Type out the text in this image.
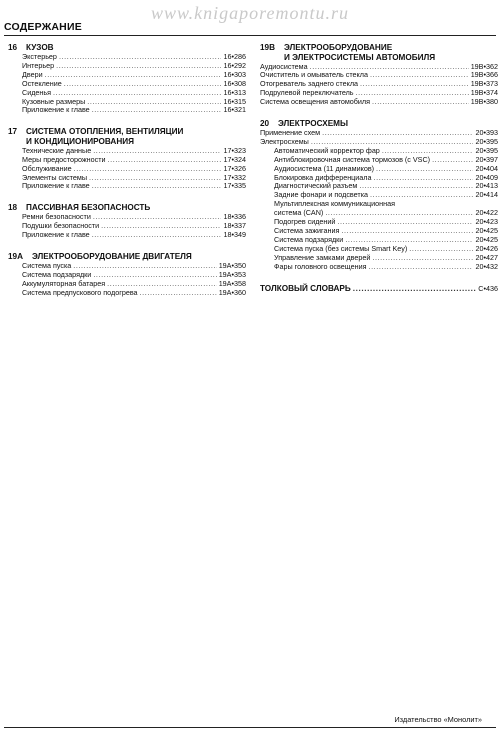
www.knigaporemontu.ru
СОДЕРЖАНИЕ
16	КУЗОВ
Экстерьер .....	16•286
Интерьер .....	16•292
Двери .....	16•303
Остекление .....	16•308
Сиденья .....	16•313
Кузовные размеры .....	16•315
Приложение к главе .....	16•321
17	СИСТЕМА ОТОПЛЕНИЯ, ВЕНТИЛЯЦИИ
И КОНДИЦИОНИРОВАНИЯ
Технические данные .....	17•323
Меры предосторожности .....	17•324
Обслуживание .....	17•326
Элементы системы .....	17•332
Приложение к главе .....	17•335
18	ПАССИВНАЯ БЕЗОПАСНОСТЬ
Ремни безопасности .....	18•336
Подушки безопасности .....	18•337
Приложение к главе .....	18•349
19А	ЭЛЕКТРООБОРУДОВАНИЕ ДВИГАТЕЛЯ
Система пуска .....	19А•350
Система подзарядки .....	19А•353
Аккумуляторная батарея .....	19А•358
Система предпускового подогрева .....	19А•360
19В	ЭЛЕКТРООБОРУДОВАНИЕ
И ЭЛЕКТРОСИСТЕМЫ АВТОМОБИЛЯ
Аудиосистема .....	19В•362
Очиститель и омыватель стекла .....	19В•366
Отогреватель заднего стекла .....	19В•373
Подрулевой переключатель .....	19В•374
Система освещения автомобиля .....	19В•380
20	ЭЛЕКТРОСХЕМЫ
Применение схем .....	20•393
Электросхемы .....	20•395
Автоматический корректор фар .....	20•395
Антиблокировочная система тормозов (с VSC) .....	20•397
Аудиосистема (11 динамиков) .....	20•404
Блокировка дифференциала .....	20•409
Диагностический разъем .....	20•413
Задние фонари и подсветка .....	20•414
Мультиплексная коммуникационная
система (CAN) .....	20•422
Подогрев сидений .....	20•423
Система зажигания .....	20•425
Система подзарядки .....	20•425
Система пуска (без системы Smart Key) .....	20•426
Управление замками дверей .....	20•427
Фары головного освещения .....	20•432
ТОЛКОВЫЙ СЛОВАРЬ .....	С•436
Издательство «Монолит»
